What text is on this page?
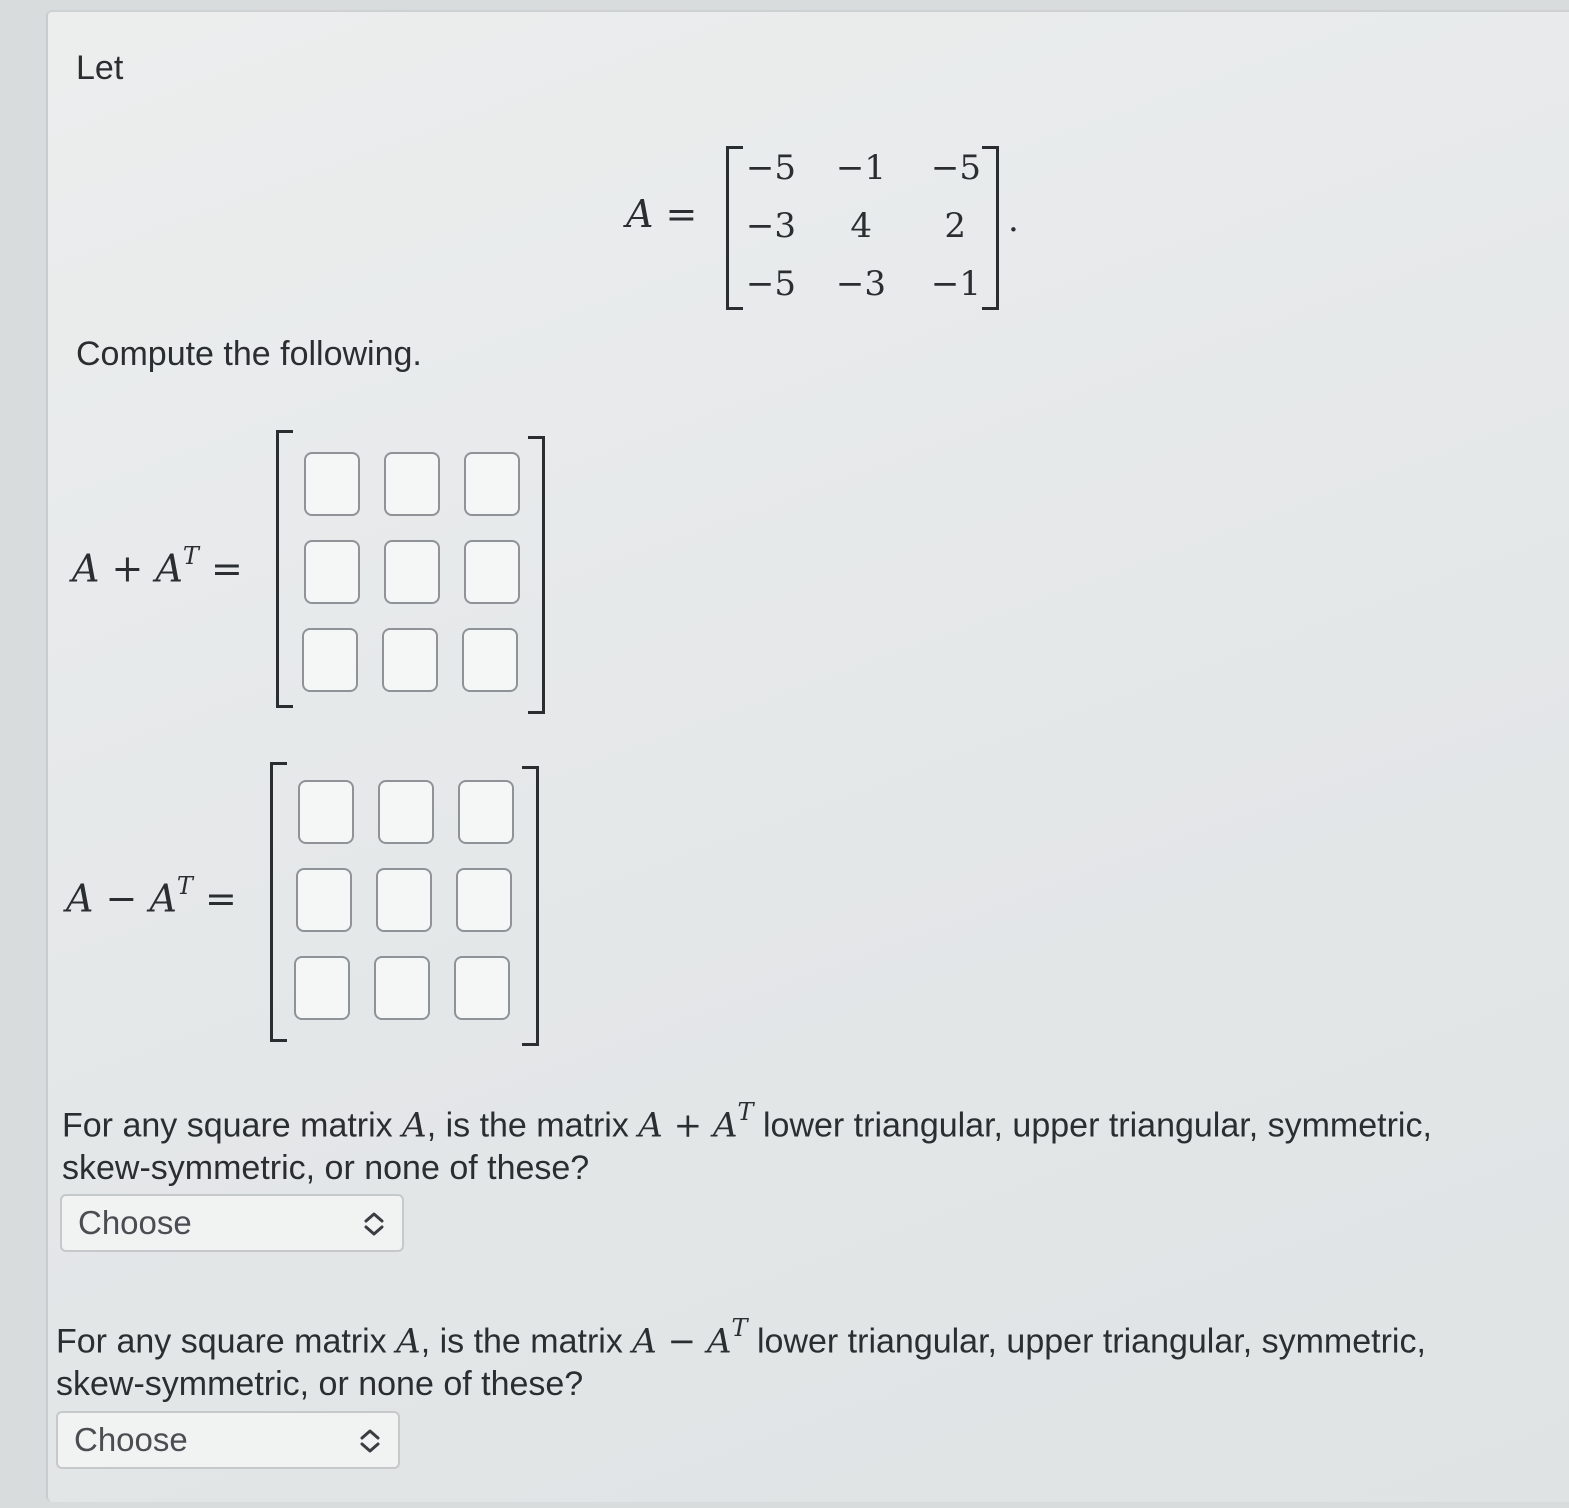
Let
A =
−5	−1	−5
−3	4	2
−5	−3	−1
.
Compute the following.
$A + A^T$ =
$A - A^T$ =
For any square matrix A, is the matrix $A + A^T$ lower triangular, upper triangular, symmetric,
skew-symmetric, or none of these?
Choose
For any square matrix A, is the matrix $A - A^T$ lower triangular, upper triangular, symmetric,
skew-symmetric, or none of these?
Choose
